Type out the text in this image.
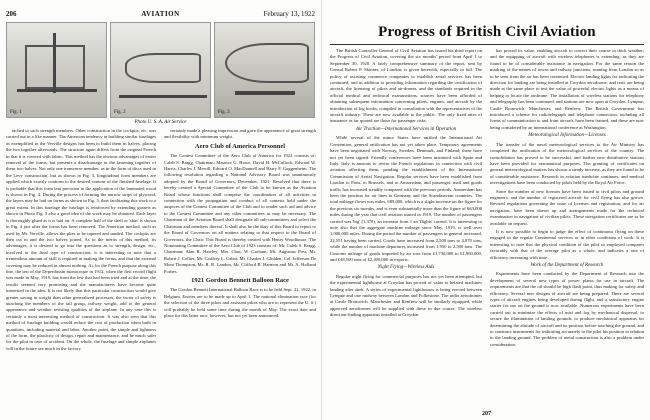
206	AVIATION	February 13, 1922
Fig. 1	Fig. 2	Fig. 3
Photo U. S. A. Air Service

tached to such strength members. Other construction in the cockpits, etc. was carried out in a like manner. The American tendency in building similar fuselages as exemplified in the Verville designs has been to build them in halves, placing the two together afterwards. The structure again differs from the original French in that it is covered with fabric. This method has the obvious advantages of easier removal of the forms, but presents a disadvantage in the fastening together of these two halves. Not only one transverse member, as in the form of discs used in the Levy construction, but as shown in Fig. 3, longitudinal form members are applied which exactly conform to the desired contour of the finished fuselage. It is probable that this form lent precision to the application of the laminated wood is shown in Fig. 4. During the process of forming the narrow strips of plywood, the layers may be laid on forms as shown in Fig. 3, thus facilitating this work to a great extent. In this fuselage the fuselage is reinforced by extending gussets as shown in Photo Fig. 3 also a good idea of the work may be obtained. Each layer is thoroughly glued as it is laid on. A complete half of the shell or 'skin' is shown in Fig. 4 just after the forms has been removed. The American method, such as used by Mr. Verville, allows the plies to be tapered and sanded. The cockpits are then cut in and the two halves joined. As to the merits of this method, its advantages, it is desired to go into the questions as to strength, design, etc., involved in the final type of construction, it is interesting to note that a tremendous amount of skill is required in making the forms, and that the external covering may be reduced in almost nothing. As for the French purpose along this line, the test of the Deperdussin monocoque in 1912, when the first record flight was made in May, 1919, has from the few that had been tried and at the time, the results seemed very promising and the manufacturers have become quite interested in the idea. It is not likely that this particular construction would give greater saving in weight than other generalized processes, the factor of safety is attaching the members of the tail group, railway weight, add to the general appearance and weather resisting qualities of the airplane. In any case this is certainly a most interesting method of construction. It was also seen that this method of fuselage building would reduce the cost of production when built in quantities, including material and labor. Another point, the simple and lightness of the form, the plasticity of design, repair and maintenance, and be much safer for the pilot in case of accident. On the whole, the fuselage and simple airplanes will in the future see much in the factory

certainly made a pleasing impression and gave the appearance of great strength and flexibility with minimum weight.

Aero Club of America Personnel

The Contest Committee of the Aero Club of America for 1922 consists of: Caleb S. Bragg, Chairman; Maurice G. Howe, David H. McCulloch, Edward W. Harris, Charles J. Merrill, Edward O. MacDonnell and Harry F. Guggenheim. The following resolution regarding a National Advisory Board was unanimously adopted by the Board of Governors, December, 1921: Resolved that there is hereby created a Special Committee of the Club to be known as the Aviation Board whose functions shall comprise the coordination of all activities in connection with the propagation and conduct of all contests held under the auspices of the Contest Committee of the Club and to render such aid and advice to the Contest Committee and any other committees as may be necessary. The Chairman of the Aviation Board shall designate all sub-committees and select the Chairman and members thereof. It shall also be the duty of this Board to report to the Board of Governors on all matters relating to that respect to the Board of Governors, the Chair. This Board is thereby created with Henry Woodhouse, The Nominating Committee of the Aero Club of 1923 consists of: Mr. Caleb S. Bragg, Chairman; Alan R. Hawley, Mrs. Chas. W. Gorham, Mr. Augustus Post, Mr. Robert J. Collier, Mr. Godfrey L. Cabot, Mr. Charles J. Glidden, Col. Jefferson De Mont Thompson, Mr. R. R. Landon, Mr. Clifford B. Harmon and Mr. A. Holland Forbes.

1921 Gordon Bennett Balloon Race

The Gordon Bennett International Balloon Race is to be held Sept. 22, 1922, in Belgium. Entries are to be made up to April 1. The national elimination race (for the selection of the three pilots and assistant pilots who are to represent the U. S.) will probably be held some time during the month of May. The exact date and place for this latter race, however, has not yet been announced.

Progress of British Civil Aviation

The British Controller-General of Civil Aviation has issued his third report on the Progress of Civil Aviation, covering the six months' period from April 1 to September 30, 1920. A fairly comprehensive summary of the report, sent by Consul Robert P. Skinner, of London, is given herewith, especially in full. The policy of assisting commerce companies to establish aerial services has been continued; and in addition to providing information regarding the certification of aircraft, the licensing of pilots and air-drones, and the standards required in the official medical and technical examinations, sources have been afforded of obtaining subsequent information concerning pilots, engines, and aircraft by the introduction of log books, compiled in consultation with the representatives of the aircraft industry. These are now available to the public. The only fixed rates of insurance as far quoted are those for passenger risks.

Air Traction—International Services in Operation

While several of the minor States have ratified the International Air Convention, general ratification has not yet taken place. Temporary agreements have been negotiated with Norway, Sweden, Denmark, and Finland; these have not yet been signed. Friendly conferences have been instituted with Spain and Italy. Italy is anxious to revise the French regulations in connection with civil aviation affecting them, pending the establishment of the International Commission of Aerial Navigation. Regular services have been established from London to Paris, to Brussels, and to Amsterdam, and passenger, mail and goods traffic has increased steadily compared with the previous periods. Amsterdam has been the junction for air lines to Germany and the Scandinavian countries. The total mileage flown was miles, 689,000, which is a slight increase on the figure for the previous six months, and is even substantially more than the figure of 663,000 miles during the year that civil aviation started in 1919. The number of passengers carried was 'big' (1,370), an increase from 1 an 'flights' carried. It is interesting to note also that the aggregate machine mileage since May, 1919, is well over 1,000,000 miles. During the period the number of passengers in general increased, 22,551 having been carried. Goods have increased from 2,500 tons to 4,070 tons, while the number of machine departures increased from 1,950 to 2,500 tons. The Customs mileage of goods imported by air rose from £1,730,000 to £1,960,000, and £48,500 tons of £2,400,000 in exports.

Night Flying—Wireless Aids

Regular night flying for commercial purposes has not yet been attempted, but the experimental lighthouse at Croydon has proved of value to belated machines landing after dark. A series of experimental lighthouses is being erected between Lympne and one midway between London and Folkestone. The radio aerodromes at Castle Bromwich, Manchester and Renfrew will be similarly equipped, while approved aerodromes will be supplied with these in due course. The wireless direction-finding apparatus installed at Croydon

has proved its value, enabling aircraft to correct their course in thick weather; and the equipping of aircraft with wireless telephones is extending, as they are found to be of considerable assistance in navigation. For the same reason the marking of the names of towns and railway junctions, running from London so as to be seen from the air has been continued. Electric landing lights for indicating the direction for landing are being installed at Croydon aerodrome, and tests are being made at the same place to test the value of powerful electric lights as a means of helping to locate the airdrome. The installation of wireless stations for telephony and telegraphy has been continued, and stations are now open at Croydon, Lympne, Castle Bromwich, Manchester, and Renfrew. The British Government has introduced a scheme for radiotelegraph and telephone connection, including all forms of communication to and from aircraft, have been framed, and these are now being considered by an international conference at Washington.

Meteorological Information—Licenses

The transfer of the naval meteorological services to the Air Ministry has completed the unification of the meteorological services of the country. The consolidation has proved to be successful, and further new distributive stations have been provided for aeronautical purposes. The granting of certificates on general meteorological matters has shown a steady increase, as they are found to be of considerable assistance. Research in aviation medicine continues, and medical investigations have been conducted by pilots held by the Royal Air Force.

Since the number of new licenses have been issued to civil pilots and ground engineers, and the number of registered aircraft for civil flying has also grown. Revised regulations governing the issue of licenses and registration, and for air navigation, have been drawn up and arrangements made for the technical examination in navigation of civilian pilots. These navigation certificates are to be available on request.

It is now possible to begin to judge the effect of continuous flying on these engaged in the regular Continental services or in other conditions of work. It is interesting to note that the physical condition of the pilot so employed compares favorably with that of the average pilot as a whole, and indicates a rate of efficiency increasing with time.

Work of the Department of Research

Experiments have been conducted by the Department of Research into the development of several new types of power plants for use in aircraft. The requirements are that the oil should be high flash point, thus making for safety and efficiency. Several new designs of aircraft are being prepared. There are several types of aircraft engines being developed during flight, and a satisfactory engine starter for use on the ground is now available. Numerous experiments have been carried out to minimize the effects of mist and fog by mechanical dispersal, to secure the illumination of landing grounds, to produce mechanical apparatus for determining the altitude of aircraft and its position before touching the ground, and to construct instruments for indicating accurately to the pilot his position in relation to the landing ground. The problem of metal construction is also a problem under consideration.

207
